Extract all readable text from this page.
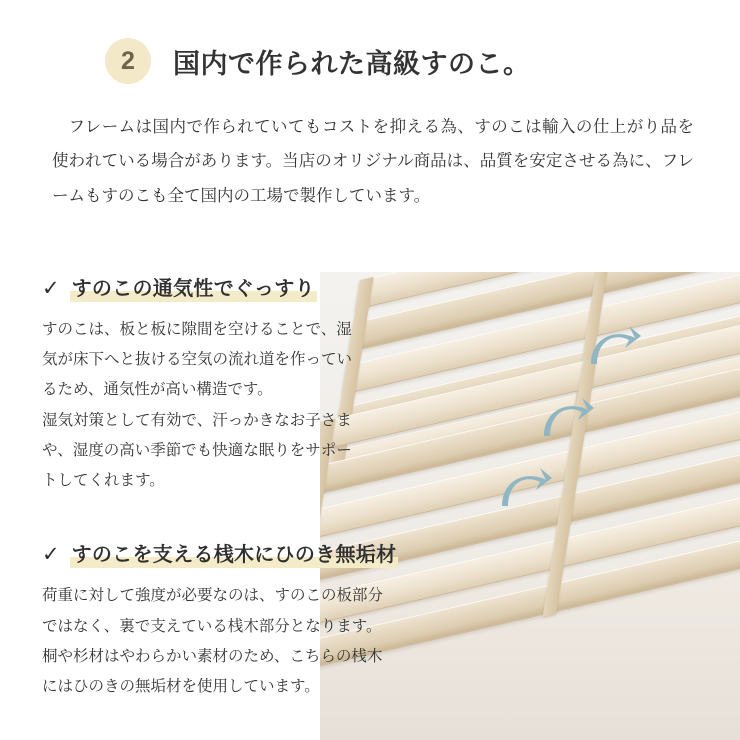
2	国内で作られた高級すのこ。

フレームは国内で作られていてもコストを抑える為、すのこは輸入の仕上がり品を使われている場合があります。当店のオリジナル商品は、品質を安定させる為に、フレームもすのこも全て国内の工場で製作しています。

✓ すのこの通気性でぐっすり

すのこは、板と板に隙間を空けることで、湿

気が床下へと抜ける空気の流れ道を作ってい

るため、通気性が高い構造です。

湿気対策として有効で、汗っかきなお子さま

や、湿度の高い季節でも快適な眠りをサポー

トしてくれます。

✓ すのこを支える桟木にひのき無垢材

荷重に対して強度が必要なのは、すのこの板部分

ではなく、裏で支えている桟木部分となります。

桐や杉材はやわらかい素材のため、こちらの桟木

にはひのきの無垢材を使用しています。
